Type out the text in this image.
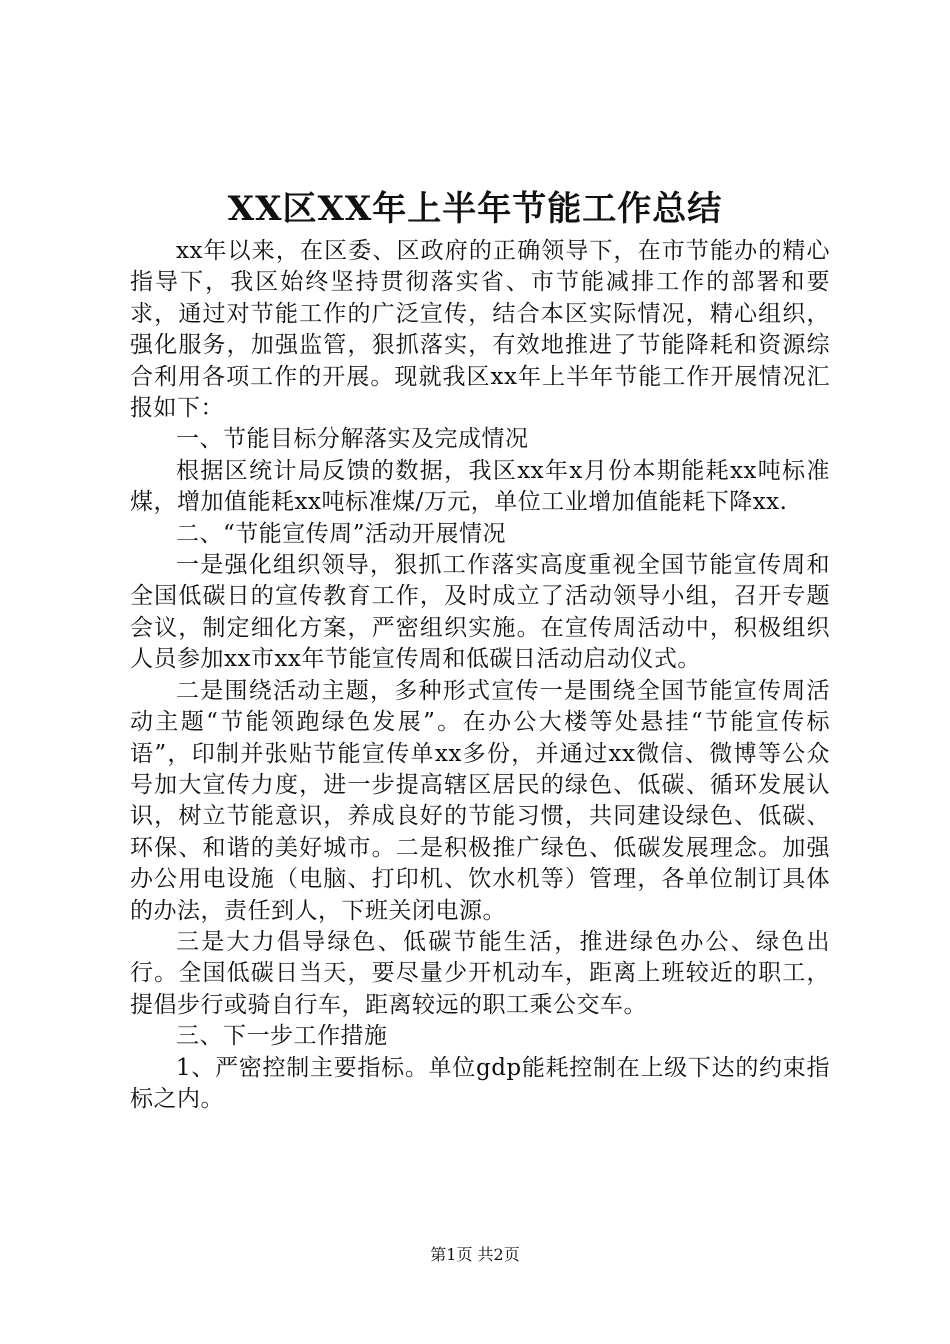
XX区XX年上半年节能工作总结

xx年以来，在区委、区政府的正确领导下，在市节能办的精心指导下，我区始终坚持贯彻落实省、市节能减排工作的部署和要求，通过对节能工作的广泛宣传，结合本区实际情况，精心组织，强化服务，加强监管，狠抓落实，有效地推进了节能降耗和资源综合利用各项工作的开展。现就我区xx年上半年节能工作开展情况汇报如下：

一、节能目标分解落实及完成情况

根据区统计局反馈的数据，我区xx年x月份本期能耗xx吨标准煤，增加值能耗xx吨标准煤/万元，单位工业增加值能耗下降xx.

二、“节能宣传周”活动开展情况

一是强化组织领导，狠抓工作落实高度重视全国节能宣传周和全国低碳日的宣传教育工作，及时成立了活动领导小组，召开专题会议，制定细化方案，严密组织实施。在宣传周活动中，积极组织人员参加xx市xx年节能宣传周和低碳日活动启动仪式。

二是围绕活动主题，多种形式宣传一是围绕全国节能宣传周活动主题“节能领跑绿色发展”。在办公大楼等处悬挂“节能宣传标语”，印制并张贴节能宣传单xx多份，并通过xx微信、微博等公众号加大宣传力度，进一步提高辖区居民的绿色、低碳、循环发展认识，树立节能意识，养成良好的节能习惯，共同建设绿色、低碳、环保、和谐的美好城市。二是积极推广绿色、低碳发展理念。加强办公用电设施（电脑、打印机、饮水机等）管理，各单位制订具体的办法，责任到人，下班关闭电源。

三是大力倡导绿色、低碳节能生活，推进绿色办公、绿色出行。全国低碳日当天，要尽量少开机动车，距离上班较近的职工，提倡步行或骑自行车，距离较远的职工乘公交车。

三、下一步工作措施

1、严密控制主要指标。单位gdp能耗控制在上级下达的约束指标之内。

第1页 共2页
